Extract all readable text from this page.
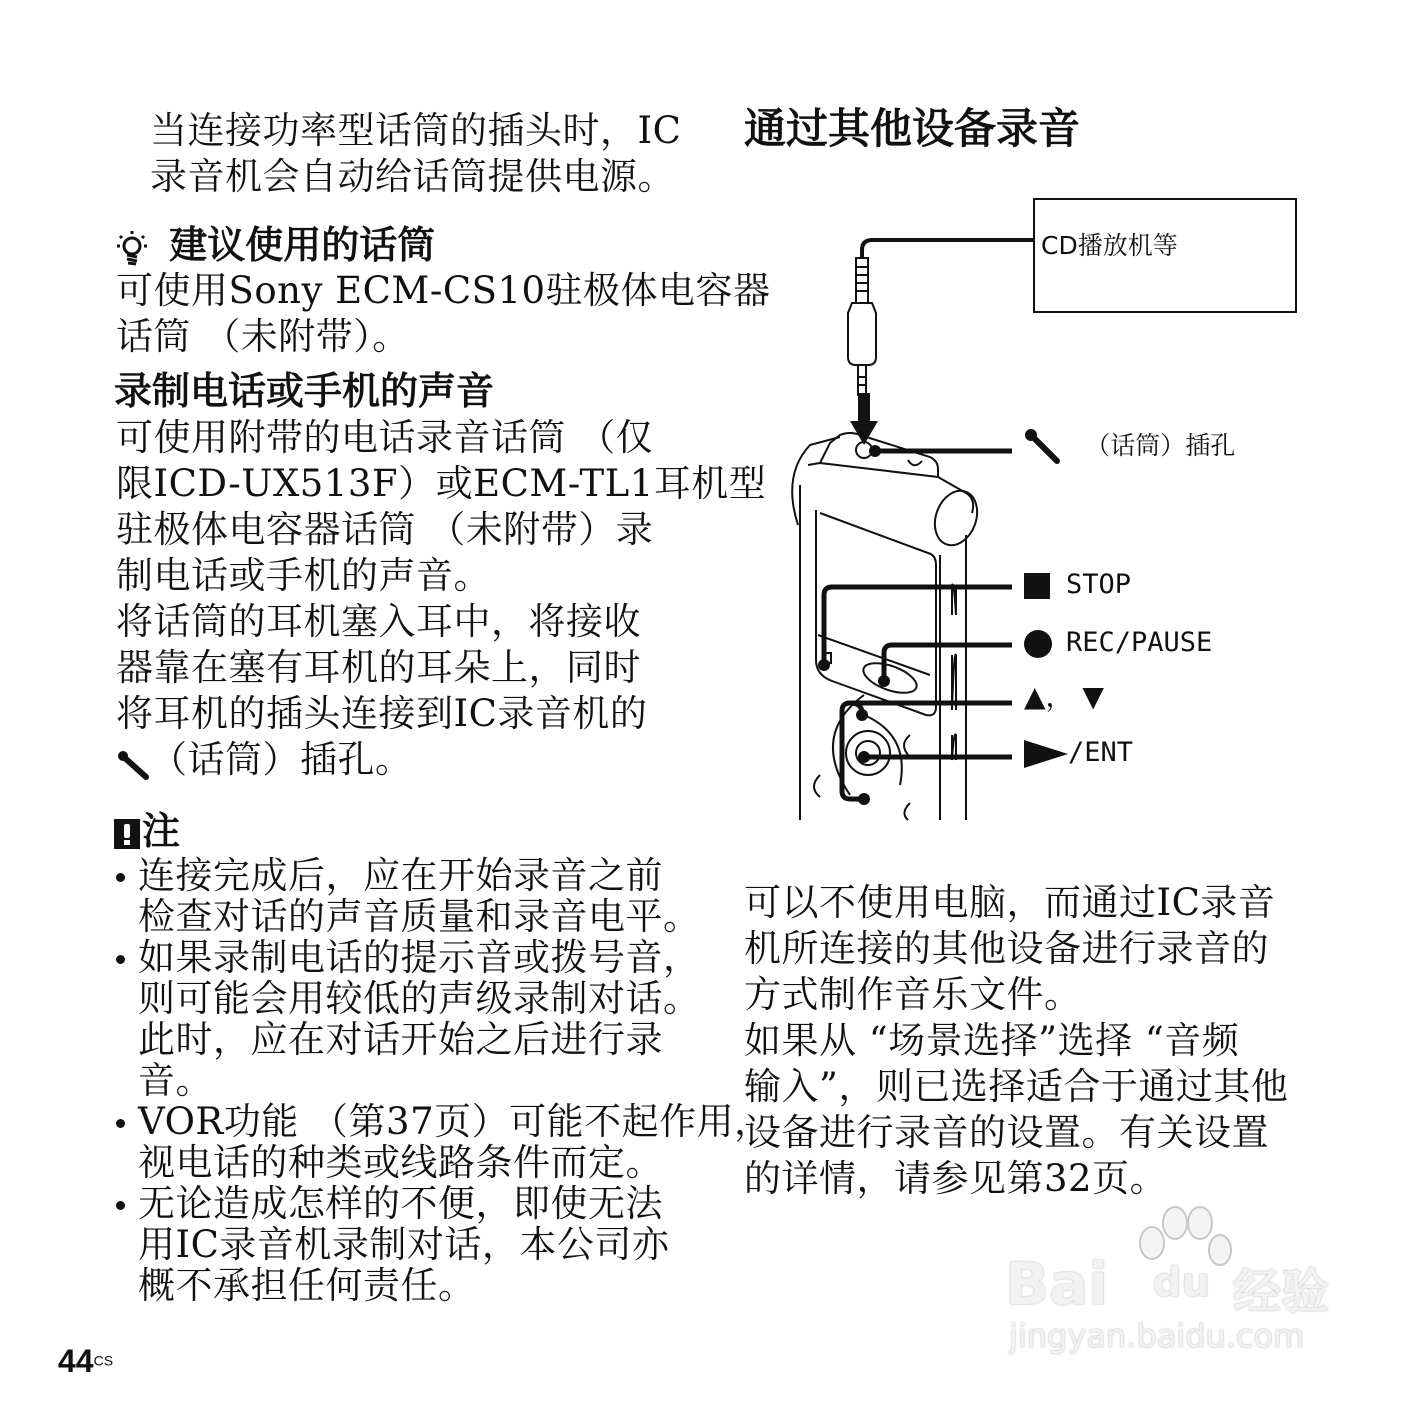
当连接功率型话筒的插头时，IC
录音机会自动给话筒提供电源。
建议使用的话筒
可使用Sony ECM-CS10驻极体电容器
话筒 （未附带）。
录制电话或手机的声音
可使用附带的电话录音话筒 （仅
限ICD-UX513F）或ECM-TL1耳机型
驻极体电容器话筒 （未附带）录
制电话或手机的声音。
将话筒的耳机塞入耳中，将接收
器靠在塞有耳机的耳朵上，同时
将耳机的插头连接到IC录音机的
（话筒）插孔。
注
连接完成后，应在开始录音之前
检查对话的声音质量和录音电平。
如果录制电话的提示音或拨号音，
则可能会用较低的声级录制对话。
此时，应在对话开始之后进行录
音。
VOR功能 （第37页）可能不起作用，
视电话的种类或线路条件而定。
无论造成怎样的不便，即使无法
用IC录音机录制对话，本公司亦
概不承担任何责任。
44CS
通过其他设备录音
CD播放机等
（话筒）插孔
STOP
REC/PAUSE
▲， ▼
/ENT
可以不使用电脑，而通过IC录音
机所连接的其他设备进行录音的
方式制作音乐文件。
如果从 “场景选择”选择 “音频
输入”，则已选择适合于通过其他
设备进行录音的设置。有关设置
的详情，请参见第32页。
Bai du 经验
jingyan.baidu.com
